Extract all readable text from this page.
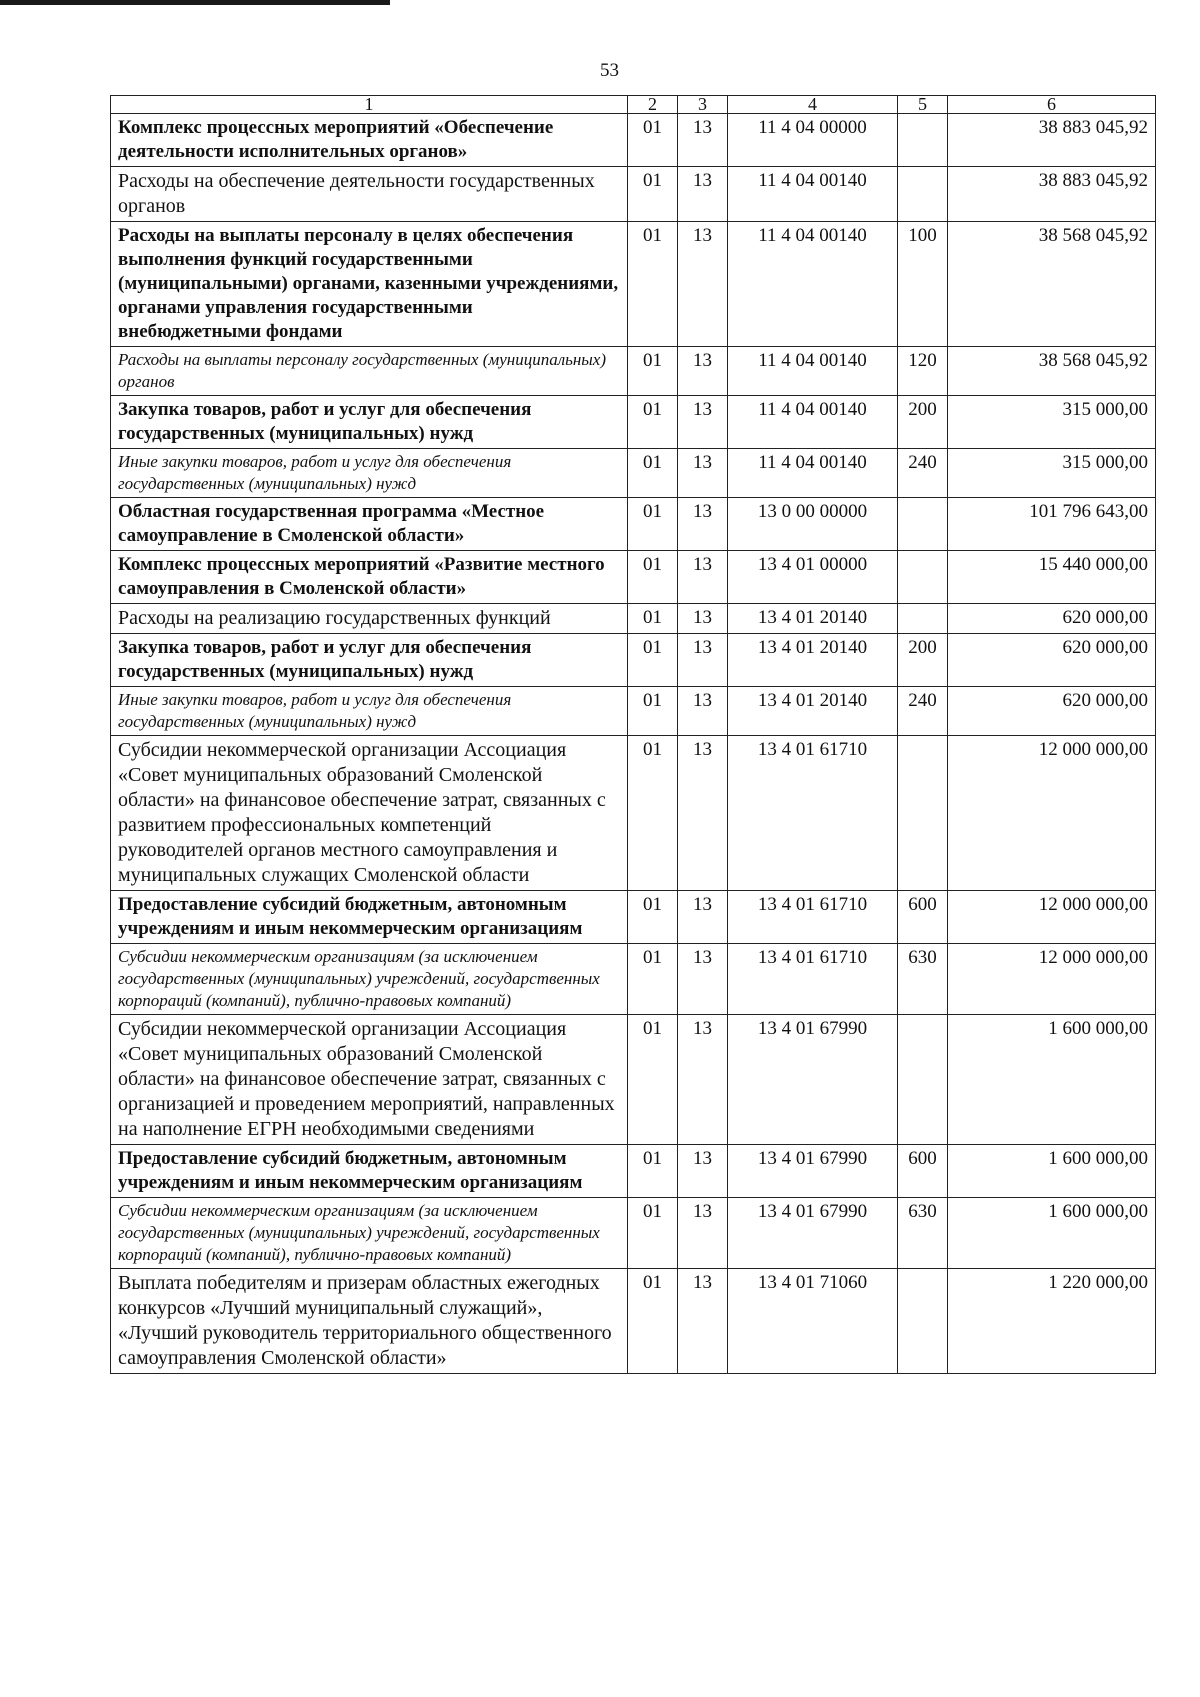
53
1	2	3	4	5	6
Комплекс процессных мероприятий «Обеспечение деятельности исполнительных органов»	01	13	11 4 04 00000		38 883 045,92
Расходы на обеспечение деятельности государственных органов	01	13	11 4 04 00140		38 883 045,92
Расходы на выплаты персоналу в целях обеспечения выполнения функций государственными (муниципальными) органами, казенными учреждениями, органами управления государственными внебюджетными фондами	01	13	11 4 04 00140	100	38 568 045,92
Расходы на выплаты персоналу государственных (муниципальных) органов	01	13	11 4 04 00140	120	38 568 045,92
Закупка товаров, работ и услуг для обеспечения государственных (муниципальных) нужд	01	13	11 4 04 00140	200	315 000,00
Иные закупки товаров, работ и услуг для обеспечения государственных (муниципальных) нужд	01	13	11 4 04 00140	240	315 000,00
Областная государственная программа «Местное самоуправление в Смоленской области»	01	13	13 0 00 00000		101 796 643,00
Комплекс процессных мероприятий «Развитие местного самоуправления в Смоленской области»	01	13	13 4 01 00000		15 440 000,00
Расходы на реализацию государственных функций	01	13	13 4 01 20140		620 000,00
Закупка товаров, работ и услуг для обеспечения государственных (муниципальных) нужд	01	13	13 4 01 20140	200	620 000,00
Иные закупки товаров, работ и услуг для обеспечения государственных (муниципальных) нужд	01	13	13 4 01 20140	240	620 000,00
Субсидии некоммерческой организации Ассоциация «Совет муниципальных образований Смоленской области» на финансовое обеспечение затрат, связанных с развитием профессиональных компетенций руководителей органов местного самоуправления и муниципальных служащих Смоленской области	01	13	13 4 01 61710		12 000 000,00
Предоставление субсидий бюджетным, автономным учреждениям и иным некоммерческим организациям	01	13	13 4 01 61710	600	12 000 000,00
Субсидии некоммерческим организациям (за исключением государственных (муниципальных) учреждений, государственных корпораций (компаний), публично-правовых компаний)	01	13	13 4 01 61710	630	12 000 000,00
Субсидии некоммерческой организации Ассоциация «Совет муниципальных образований Смоленской области» на финансовое обеспечение затрат, связанных с организацией и проведением мероприятий, направленных на наполнение ЕГРН необходимыми сведениями	01	13	13 4 01 67990		1 600 000,00
Предоставление субсидий бюджетным, автономным учреждениям и иным некоммерческим организациям	01	13	13 4 01 67990	600	1 600 000,00
Субсидии некоммерческим организациям (за исключением государственных (муниципальных) учреждений, государственных корпораций (компаний), публично-правовых компаний)	01	13	13 4 01 67990	630	1 600 000,00
Выплата победителям и призерам областных ежегодных конкурсов «Лучший муниципальный служащий», «Лучший руководитель территориального общественного самоуправления Смоленской области»	01	13	13 4 01 71060		1 220 000,00
